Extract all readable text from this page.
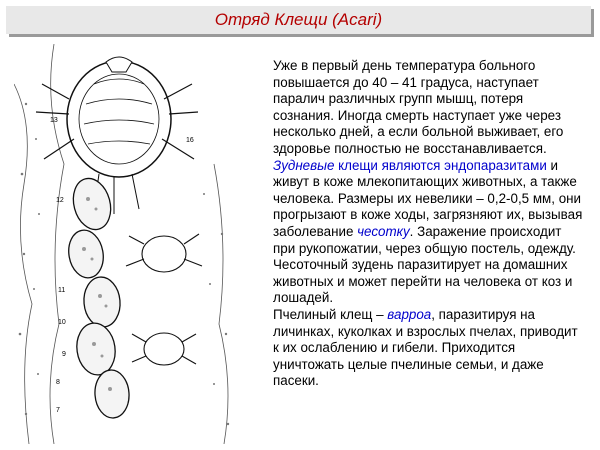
Отряд Клещи (Acari)
13
16
12
11
10
9
8
7

Уже в первый день температура больного повышается до 40 – 41 градуса, наступает паралич различных групп мышц, потеря сознания. Иногда смерть наступает уже через несколько дней, а если больной выживает, его здоровье полностью не восстанавливается.

Зудневые клещи являются эндопаразитами и живут в коже млекопитающих животных, а также человека. Размеры их невелики – 0,2-0,5 мм, они прогрызают в коже ходы, загрязняют их, вызывая заболевание чесотку. Заражение происходит при рукопожатии, через общую постель, одежду. Чесоточный зудень паразитирует на домашних животных и может перейти на человека от коз и лошадей.

Пчелиный клещ – варроа, паразитируя на личинках, куколках и взрослых пчелах, приводит к их ослаблению и гибели. Приходится уничтожать целые пчелиные семьи, и даже пасеки.
